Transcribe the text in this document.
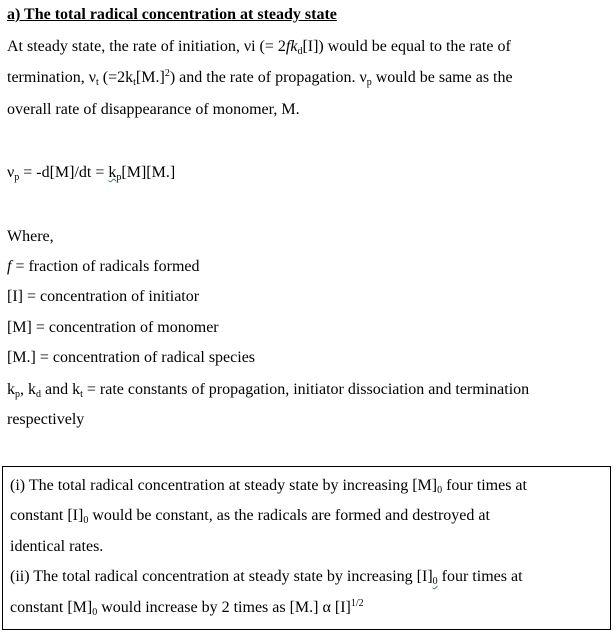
a) The total radical concentration at steady state
At steady state, the rate of initiation, νi (= $2fk_d[I]$) would be equal to the rate of
termination, $\nu_t$ $(=2k_t[M.]^2)$ and the rate of propagation. $\nu_p$ would be same as the
overall rate of disappearance of monomer, M.
$\nu_p = -d[M]/dt = k_p[M][M.]$
Where,
f = fraction of radicals formed
[I] = concentration of initiator
[M] = concentration of monomer
[M.] = concentration of radical species
$k_p$, $k_d$ and $k_t$ = rate constants of propagation, initiator dissociation and termination
respectively
(i) The total radical concentration at steady state by increasing $[M]_0$ four times at
constant $[I]_0$ would be constant, as the radicals are formed and destroyed at
identical rates.
(ii) The total radical concentration at steady state by increasing $[I]_0$ four times at
constant $[M]_0$ would increase by 2 times as [M.] α $[I]^{1/2}$
